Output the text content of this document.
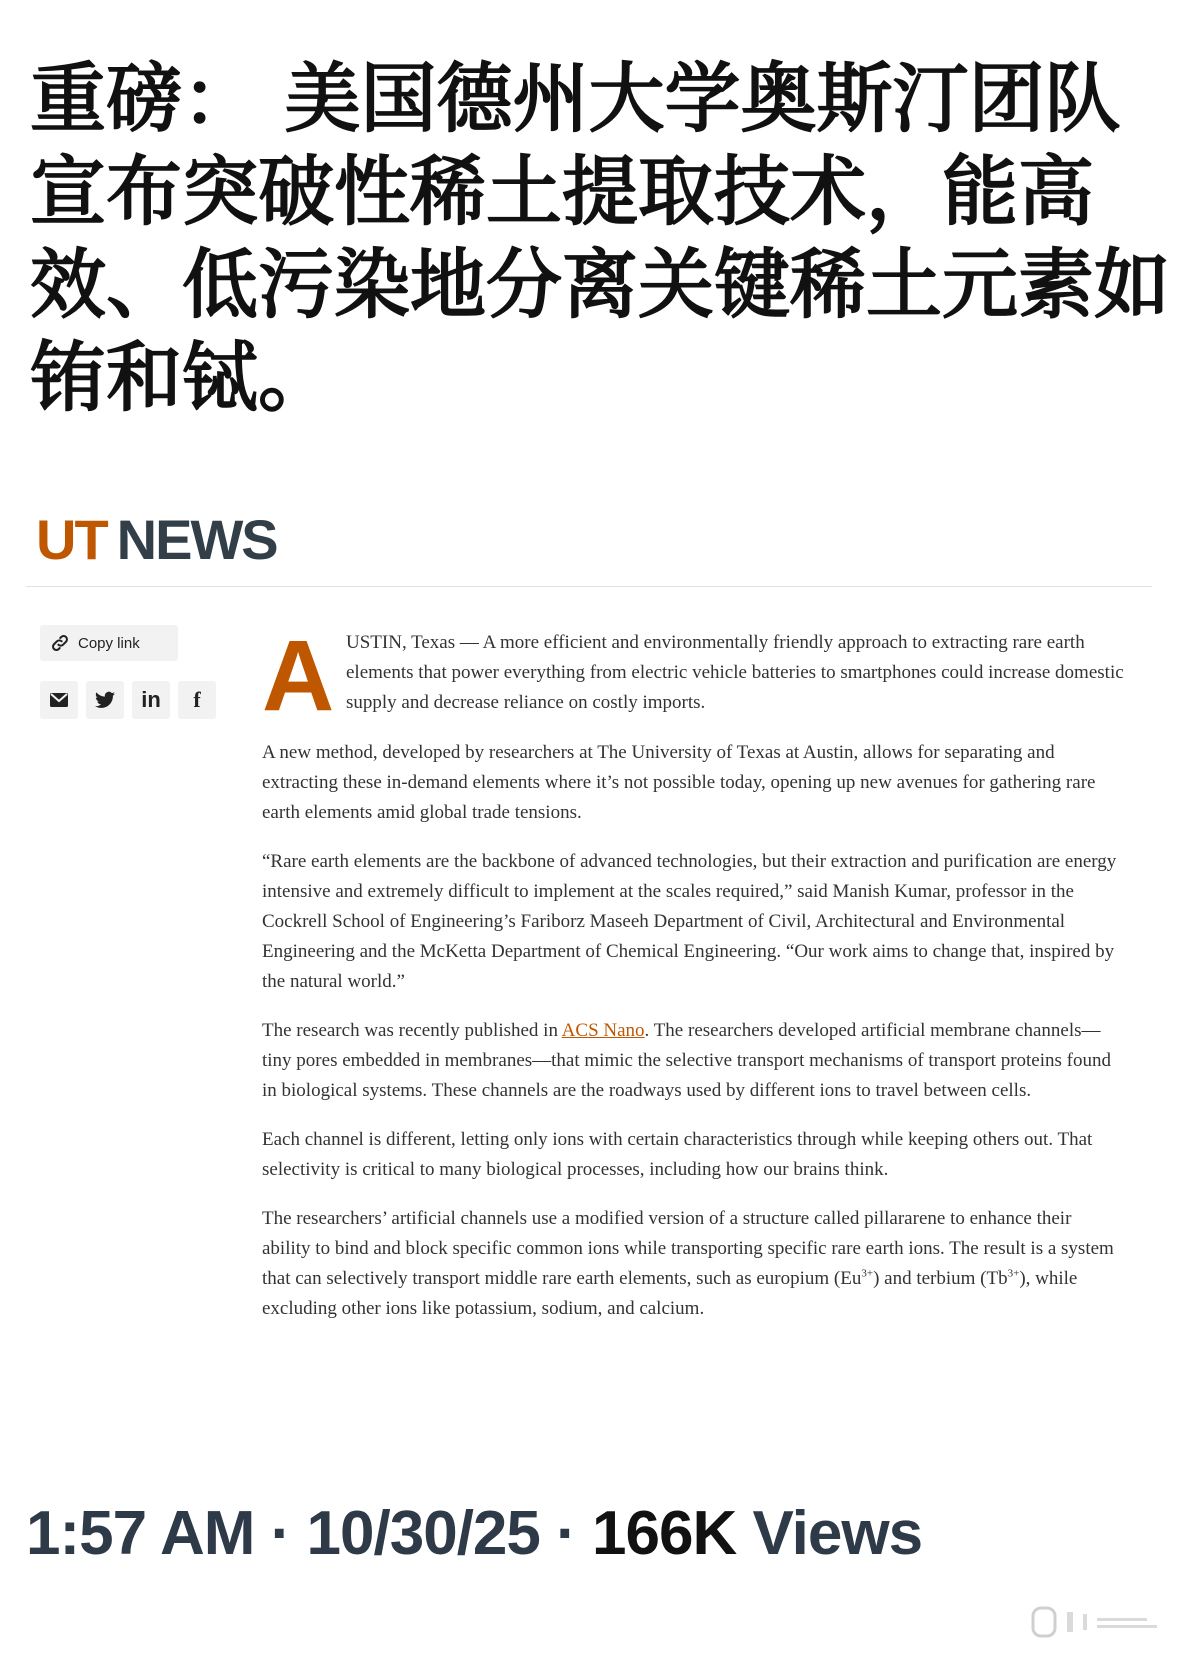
重磅： 美国德州大学奥斯汀团队
宣布突破性稀土提取技术，能高
效、低污染地分离关键稀土元素如
铕和铽。
UT NEWS
Copy link
in f A USTIN, Texas — A more efficient and environmentally friendly approach to extracting rare earth elements that power everything from electric vehicle batteries to smartphones could increase domestic supply and decrease reliance on costly imports.

A new method, developed by researchers at The University of Texas at Austin, allows for separating and extracting these in-demand elements where it’s not possible today, opening up new avenues for gathering rare earth elements amid global trade tensions.

“Rare earth elements are the backbone of advanced technologies, but their extraction and purification are energy intensive and extremely difficult to implement at the scales required,” said Manish Kumar, professor in the Cockrell School of Engineering’s Fariborz Maseeh Department of Civil, Architectural and Environmental Engineering and the McKetta Department of Chemical Engineering. “Our work aims to change that, inspired by the natural world.”

The research was recently published in ACS Nano. The researchers developed artificial membrane channels—tiny pores embedded in membranes—that mimic the selective transport mechanisms of transport proteins found in biological systems. These channels are the roadways used by different ions to travel between cells.

Each channel is different, letting only ions with certain characteristics through while keeping others out. That selectivity is critical to many biological processes, including how our brains think.

The researchers’ artificial channels use a modified version of a structure called pillararene to enhance their ability to bind and block specific common ions while transporting specific rare earth ions. The result is a system that can selectively transport middle rare earth elements, such as europium $(Eu^{3+})$ and terbium $(Tb^{3+})$, while excluding other ions like potassium, sodium, and calcium.

1:57 AM · 10/30/25 · 166K Views
